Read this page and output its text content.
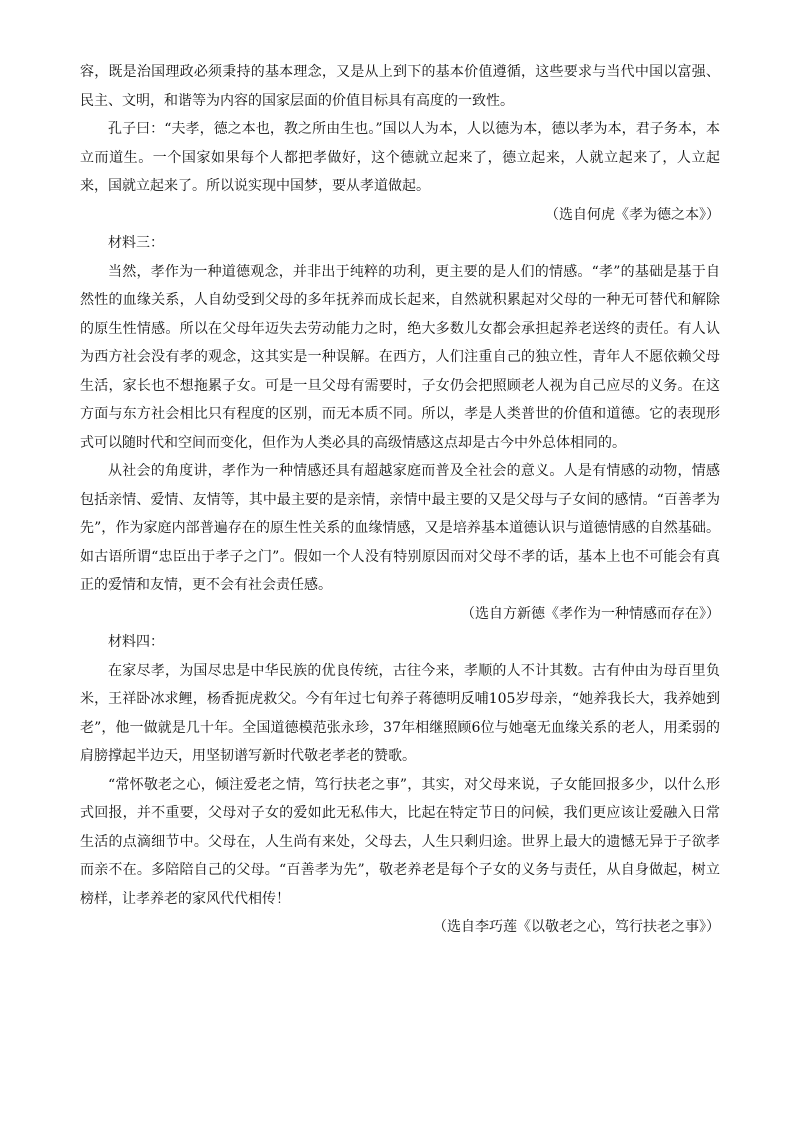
容，既是治国理政必须秉持的基本理念，又是从上到下的基本价值遵循，这些要求与当代中国以富强、民主、文明，和谐等为内容的国家层面的价值目标具有高度的一致性。

孔子曰：“夫孝，德之本也，教之所由生也。”国以人为本，人以德为本，德以孝为本，君子务本，本立而道生。一个国家如果每个人都把孝做好，这个德就立起来了，德立起来，人就立起来了，人立起来，国就立起来了。所以说实现中国梦，要从孝道做起。

（选自何虎《孝为德之本》）

材料三：

当然，孝作为一种道德观念，并非出于纯粹的功利，更主要的是人们的情感。“孝”的基础是基于自然性的血缘关系，人自幼受到父母的多年抚养而成长起来，自然就积累起对父母的一种无可替代和解除的原生性情感。所以在父母年迈失去劳动能力之时，绝大多数儿女都会承担起养老送终的责任。有人认为西方社会没有孝的观念，这其实是一种误解。在西方，人们注重自己的独立性，青年人不愿依赖父母生活，家长也不想拖累子女。可是一旦父母有需要时，子女仍会把照顾老人视为自己应尽的义务。在这方面与东方社会相比只有程度的区别，而无本质不同。所以，孝是人类普世的价值和道德。它的表现形式可以随时代和空间而变化，但作为人类必具的高级情感这点却是古今中外总体相同的。

从社会的角度讲，孝作为一种情感还具有超越家庭而普及全社会的意义。人是有情感的动物，情感包括亲情、爱情、友情等，其中最主要的是亲情，亲情中最主要的又是父母与子女间的感情。“百善孝为先”，作为家庭内部普遍存在的原生性关系的血缘情感，又是培养基本道德认识与道德情感的自然基础。如古语所谓“忠臣出于孝子之门”。假如一个人没有特别原因而对父母不孝的话，基本上也不可能会有真正的爱情和友情，更不会有社会责任感。

（选自方新德《孝作为一种情感而存在》）

材料四：

在家尽孝，为国尽忠是中华民族的优良传统，古往今来，孝顺的人不计其数。古有仲由为母百里负米，王祥卧冰求鲤，杨香扼虎救父。今有年过七旬养子蒋德明反哺105岁母亲，“她养我长大，我养她到老”，他一做就是几十年。全国道德模范张永珍，37年相继照顾6位与她毫无血缘关系的老人，用柔弱的肩膀撑起半边天，用坚韧谱写新时代敬老孝老的赞歌。

“常怀敬老之心，倾注爱老之情，笃行扶老之事”，其实，对父母来说，子女能回报多少，以什么形式回报，并不重要，父母对子女的爱如此无私伟大，比起在特定节日的问候，我们更应该让爱融入日常生活的点滴细节中。父母在，人生尚有来处，父母去，人生只剩归途。世界上最大的遗憾无异于子欲孝而亲不在。多陪陪自己的父母。“百善孝为先”，敬老养老是每个子女的义务与责任，从自身做起，树立榜样，让孝养老的家风代代相传！

（选自李巧莲《以敬老之心，笃行扶老之事》）
